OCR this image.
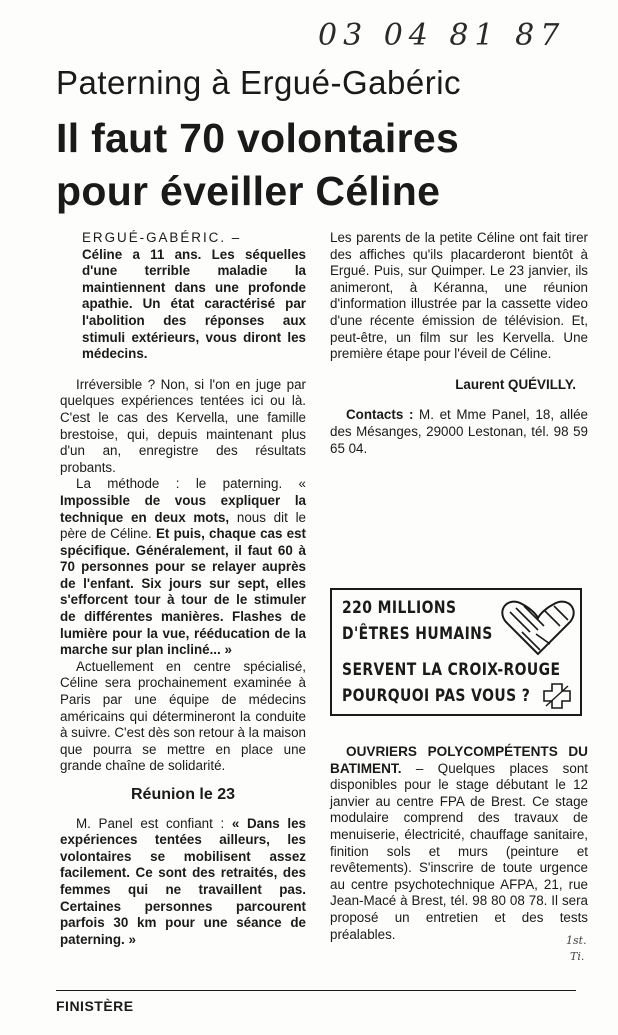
03 04 81 87
Paterning à Ergué-Gabéric
Il faut 70 volontaires
pour éveiller Céline

ERGUÉ-GABÉRIC. –

Céline a 11 ans. Les séquelles d'une terrible maladie la maintiennent dans une profonde apathie. Un état caractérisé par l'abolition des réponses aux stimuli extérieurs, vous diront les médecins.

Irréversible ? Non, si l'on en juge par quelques expériences tentées ici ou là. C'est le cas des Kervella, une famille brestoise, qui, depuis maintenant plus d'un an, enregistre des résultats probants.

La méthode : le paterning. « Impossible de vous expliquer la technique en deux mots, nous dit le père de Céline. Et puis, chaque cas est spécifique. Généralement, il faut 60 à 70 personnes pour se relayer auprès de l'enfant. Six jours sur sept, elles s'efforcent tour à tour de le stimuler de différentes manières. Flashes de lumière pour la vue, rééducation de la marche sur plan incliné... »

Actuellement en centre spécialisé, Céline sera prochainement examinée à Paris par une équipe de médecins américains qui détermineront la conduite à suivre. C'est dès son retour à la maison que pourra se mettre en place une grande chaîne de solidarité.

Réunion le 23

M. Panel est confiant : « Dans les expériences tentées ailleurs, les volontaires se mobilisent assez facilement. Ce sont des retraités, des femmes qui ne travaillent pas. Certaines personnes parcourent parfois 30 km pour une séance de paterning. »

Les parents de la petite Céline ont fait tirer des affiches qu'ils placarderont bientôt à Ergué. Puis, sur Quimper. Le 23 janvier, ils animeront, à Kéranna, une réunion d'information illustrée par la cassette video d'une récente émission de télévision. Et, peut-être, un film sur les Kervella. Une première étape pour l'éveil de Céline.

Laurent QUÉVILLY.

Contacts : M. et Mme Panel, 18, allée des Mésanges, 29000 Lestonan, tél. 98 59 65 04.

220 MILLIONS
D'ÊTRES HUMAINS
SERVENT LA CROIX-ROUGE
POURQUOI PAS VOUS ?

OUVRIERS POLYCOMPÉTENTS DU BATIMENT. – Quelques places sont disponibles pour le stage débutant le 12 janvier au centre FPA de Brest. Ce stage modulaire comprend des travaux de menuiserie, électricité, chauffage sanitaire, finition sols et murs (peinture et revêtements). S'inscrire de toute urgence au centre psychotechnique AFPA, 21, rue Jean-Macé à Brest, tél. 98 80 08 78. Il sera proposé un entretien et des tests préalables.	1st.
Ti.
FINISTÈRE
